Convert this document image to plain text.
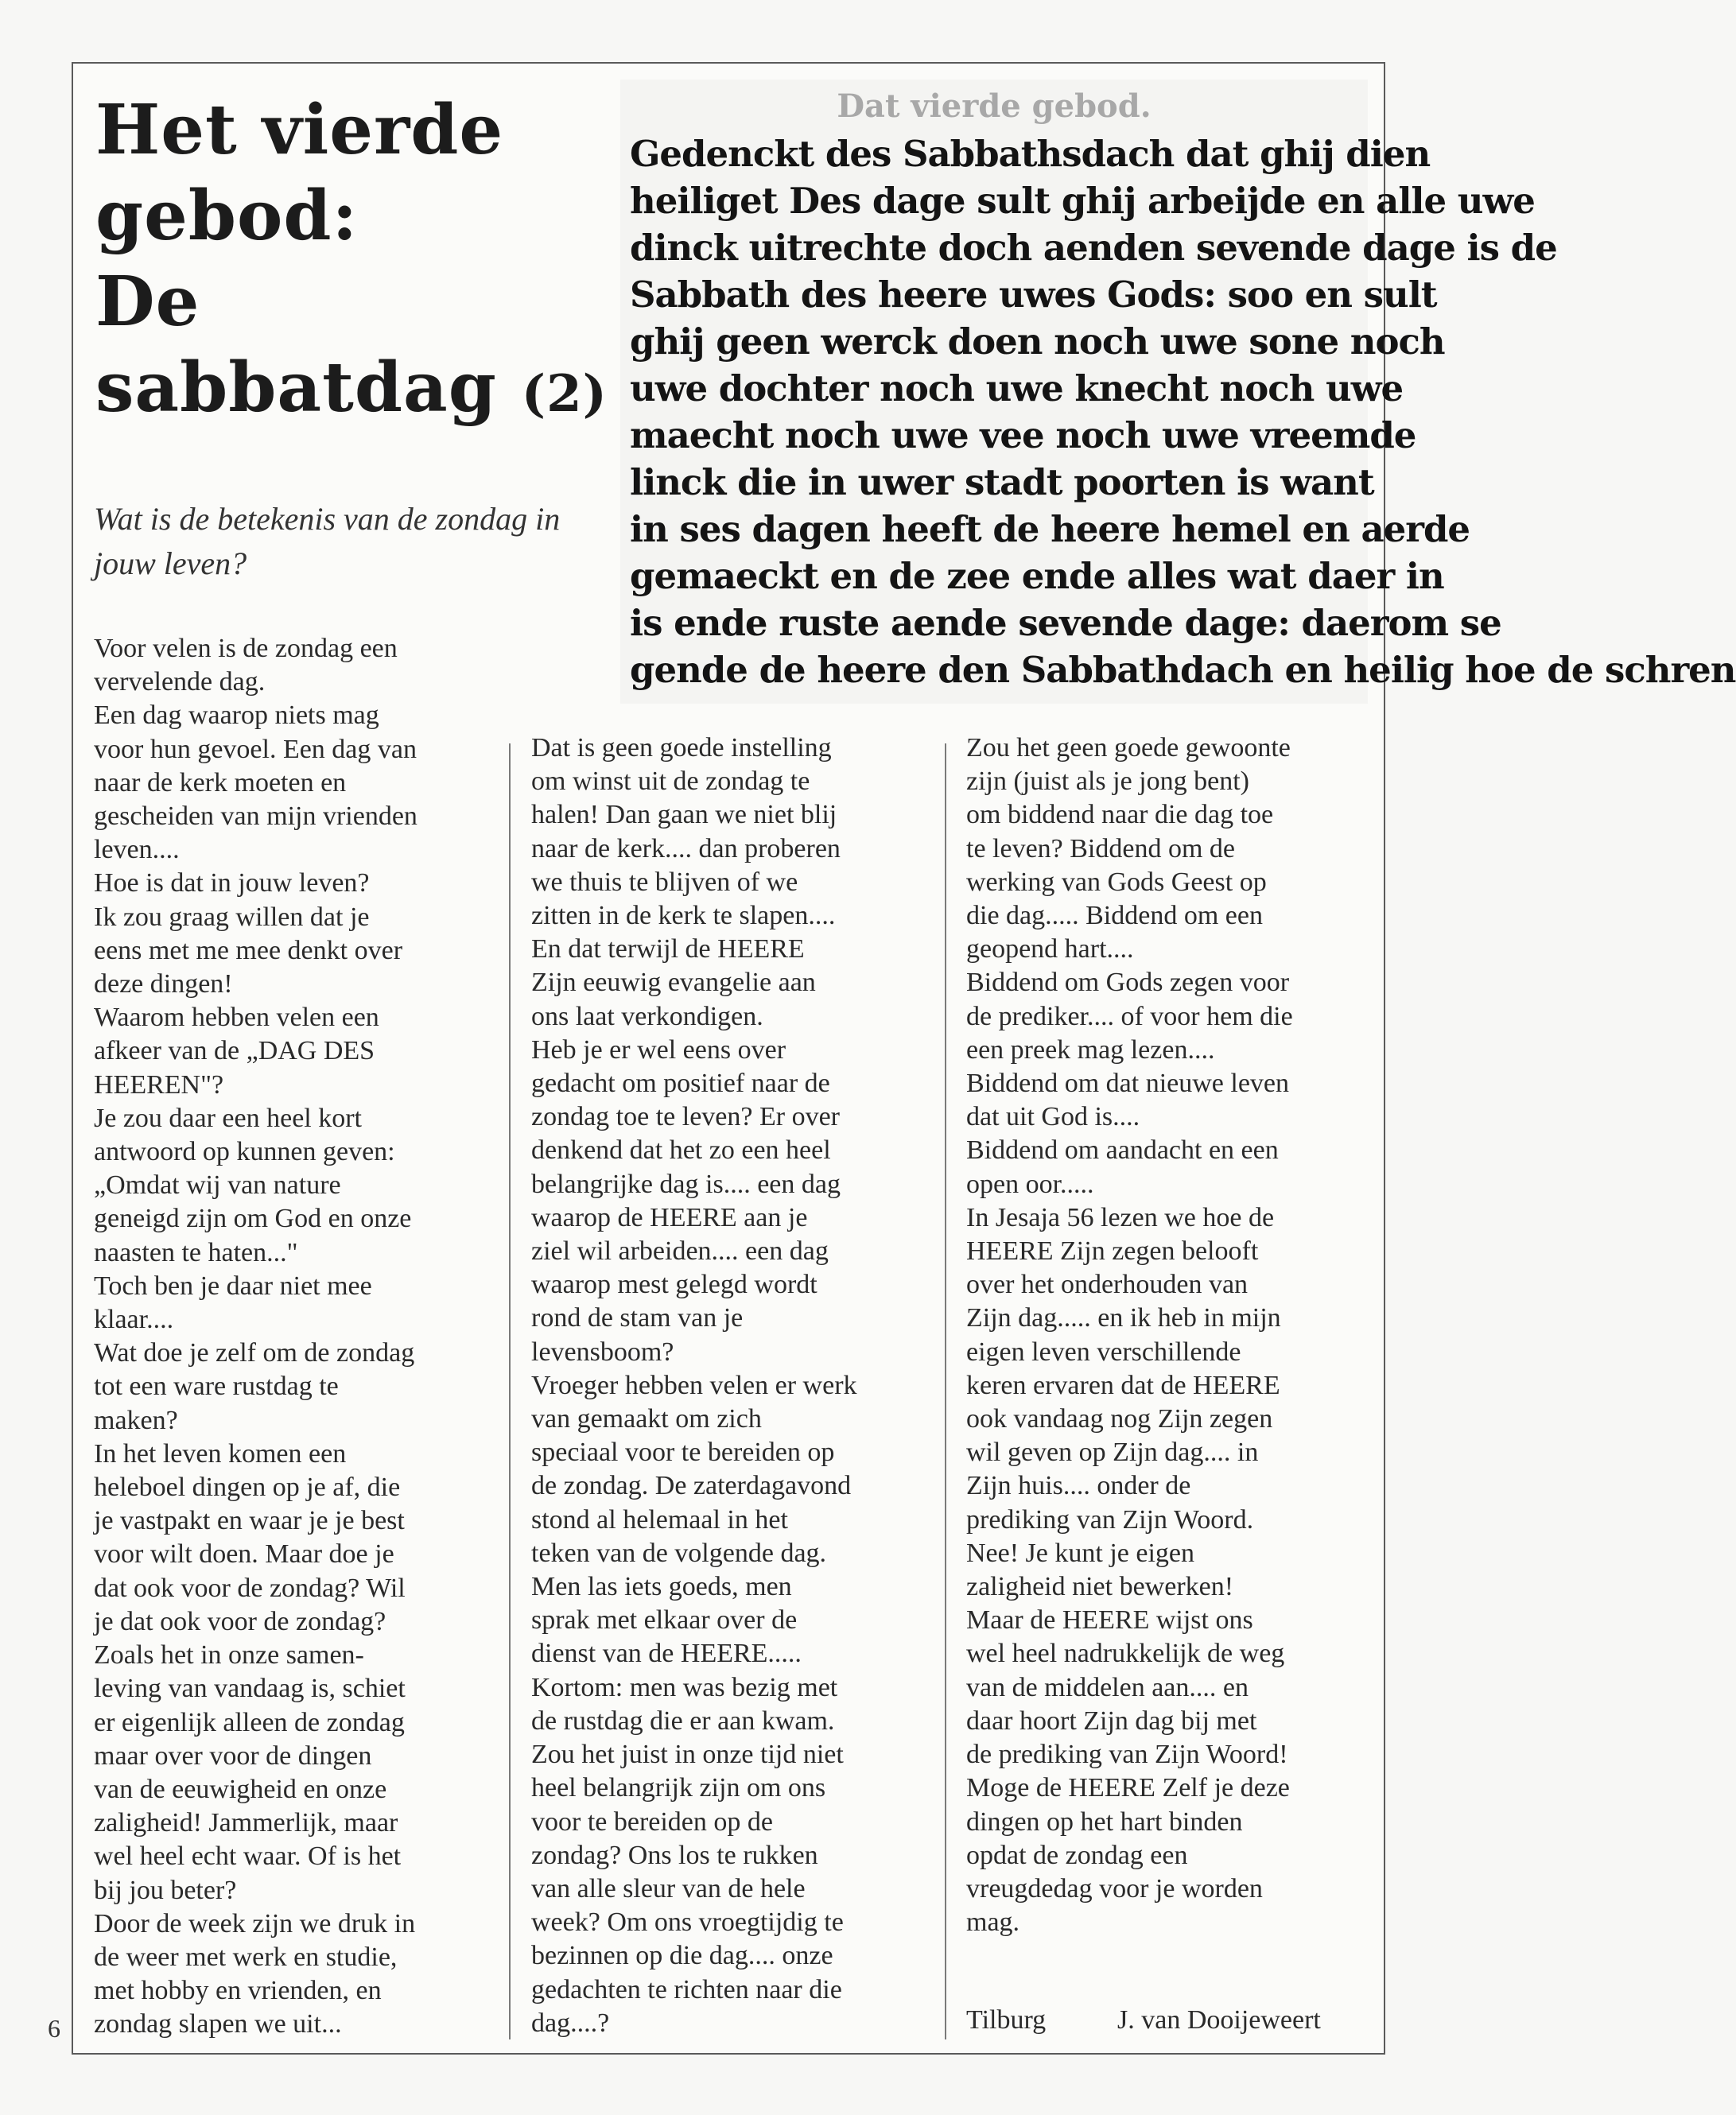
Het vierde
gebod:
De
sabbatdag (2)

Wat is de betekenis van de zondag in jouw leven?

Dat vierde gebod.
Gedenckt des Sabbathsdach dat ghij dien
heiliget Des dage sult ghij arbeijde en alle uwe
dinck uitrechte doch aenden sevende dage is de
Sabbath des heere uwes Gods: soo en sult
ghij geen werck doen noch uwe sone noch
uwe dochter noch uwe knecht noch uwe
maecht noch uwe vee noch uwe vreemde
linck die in uwer stadt poorten is want
in ses dagen heeft de heere hemel en aerde
gemaeckt en de zee ende alles wat daer in
is ende ruste aende sevende dage: daerom se
gende de heere den Sabbathdach en heilig hoe de schren
Voor velen is de zondag een
vervelende dag.
Een dag waarop niets mag
voor hun gevoel. Een dag van
naar de kerk moeten en
gescheiden van mijn vrienden
leven....
Hoe is dat in jouw leven?
Ik zou graag willen dat je
eens met me mee denkt over
deze dingen!
Waarom hebben velen een
afkeer van de „DAG DES
HEEREN"?
Je zou daar een heel kort
antwoord op kunnen geven:
„Omdat wij van nature
geneigd zijn om God en onze
naasten te haten..."
Toch ben je daar niet mee
klaar....
Wat doe je zelf om de zondag
tot een ware rustdag te
maken?
In het leven komen een
heleboel dingen op je af, die
je vastpakt en waar je je best
voor wilt doen. Maar doe je
dat ook voor de zondag? Wil
je dat ook voor de zondag?
Zoals het in onze samen-
leving van vandaag is, schiet
er eigenlijk alleen de zondag
maar over voor de dingen
van de eeuwigheid en onze
zaligheid! Jammerlijk, maar
wel heel echt waar. Of is het
bij jou beter?
Door de week zijn we druk in
de weer met werk en studie,
met hobby en vrienden, en
zondag slapen we uit...
Dat is geen goede instelling
om winst uit de zondag te
halen! Dan gaan we niet blij
naar de kerk.... dan proberen
we thuis te blijven of we
zitten in de kerk te slapen....
En dat terwijl de HEERE
Zijn eeuwig evangelie aan
ons laat verkondigen.
Heb je er wel eens over
gedacht om positief naar de
zondag toe te leven? Er over
denkend dat het zo een heel
belangrijke dag is.... een dag
waarop de HEERE aan je
ziel wil arbeiden.... een dag
waarop mest gelegd wordt
rond de stam van je
levensboom?
Vroeger hebben velen er werk
van gemaakt om zich
speciaal voor te bereiden op
de zondag. De zaterdagavond
stond al helemaal in het
teken van de volgende dag.
Men las iets goeds, men
sprak met elkaar over de
dienst van de HEERE.....
Kortom: men was bezig met
de rustdag die er aan kwam.
Zou het juist in onze tijd niet
heel belangrijk zijn om ons
voor te bereiden op de
zondag? Ons los te rukken
van alle sleur van de hele
week? Om ons vroegtijdig te
bezinnen op die dag.... onze
gedachten te richten naar die
dag....?
Zou het geen goede gewoonte
zijn (juist als je jong bent)
om biddend naar die dag toe
te leven? Biddend om de
werking van Gods Geest op
die dag..... Biddend om een
geopend hart....
Biddend om Gods zegen voor
de prediker.... of voor hem die
een preek mag lezen....
Biddend om dat nieuwe leven
dat uit God is....
Biddend om aandacht en een
open oor.....
In Jesaja 56 lezen we hoe de
HEERE Zijn zegen belooft
over het onderhouden van
Zijn dag..... en ik heb in mijn
eigen leven verschillende
keren ervaren dat de HEERE
ook vandaag nog Zijn zegen
wil geven op Zijn dag.... in
Zijn huis.... onder de
prediking van Zijn Woord.
Nee! Je kunt je eigen
zaligheid niet bewerken!
Maar de HEERE wijst ons
wel heel nadrukkelijk de weg
van de middelen aan.... en
daar hoort Zijn dag bij met
de prediking van Zijn Woord!
Moge de HEERE Zelf je deze
dingen op het hart binden
opdat de zondag een
vreugdedag voor je worden
mag.

Tilburg	J. van Dooijeweert

6
